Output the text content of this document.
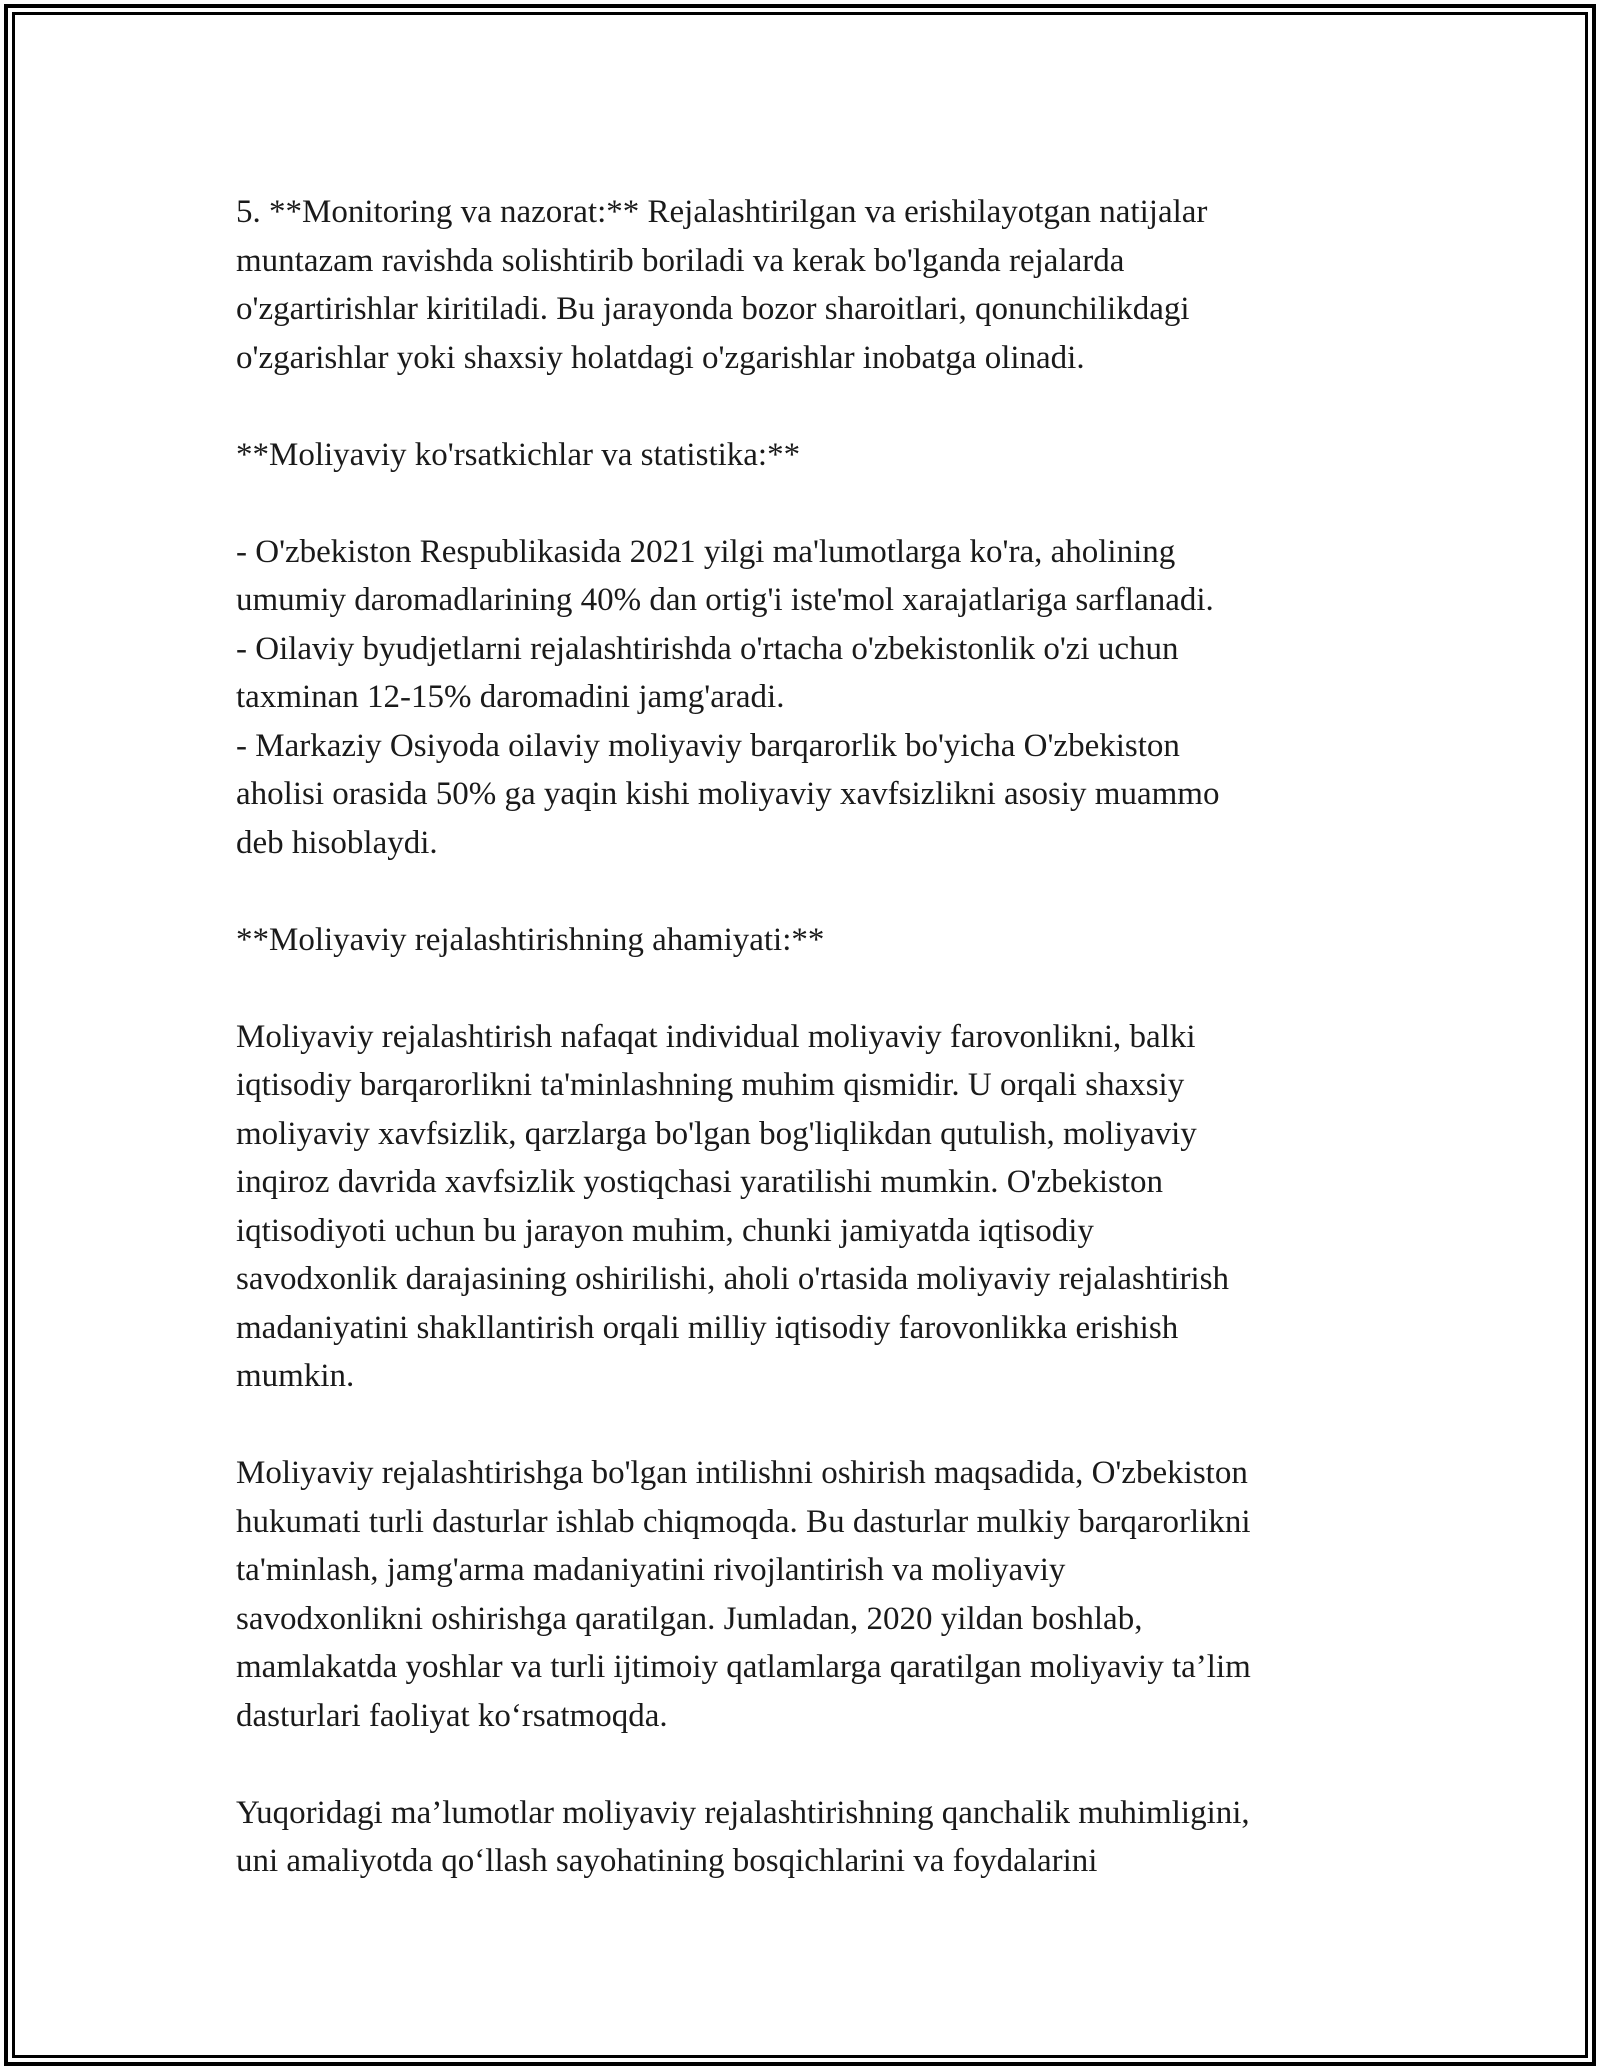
5. **Monitoring va nazorat:** Rejalashtirilgan va erishilayotgan natijalar
muntazam ravishda solishtirib boriladi va kerak bo'lganda rejalarda
o'zgartirishlar kiritiladi. Bu jarayonda bozor sharoitlari, qonunchilikdagi
o'zgarishlar yoki shaxsiy holatdagi o'zgarishlar inobatga olinadi.

**Moliyaviy ko'rsatkichlar va statistika:**

- O'zbekiston Respublikasida 2021 yilgi ma'lumotlarga ko'ra, aholining
umumiy daromadlarining 40% dan ortig'i iste'mol xarajatlariga sarflanadi.
- Oilaviy byudjetlarni rejalashtirishda o'rtacha o'zbekistonlik o'zi uchun
taxminan 12-15% daromadini jamg'aradi.
- Markaziy Osiyoda oilaviy moliyaviy barqarorlik bo'yicha O'zbekiston
aholisi orasida 50% ga yaqin kishi moliyaviy xavfsizlikni asosiy muammo
deb hisoblaydi.

**Moliyaviy rejalashtirishning ahamiyati:**

Moliyaviy rejalashtirish nafaqat individual moliyaviy farovonlikni, balki
iqtisodiy barqarorlikni ta'minlashning muhim qismidir. U orqali shaxsiy
moliyaviy xavfsizlik, qarzlarga bo'lgan bog'liqlikdan qutulish, moliyaviy
inqiroz davrida xavfsizlik yostiqchasi yaratilishi mumkin. O'zbekiston
iqtisodiyoti uchun bu jarayon muhim, chunki jamiyatda iqtisodiy
savodxonlik darajasining oshirilishi, aholi o'rtasida moliyaviy rejalashtirish
madaniyatini shakllantirish orqali milliy iqtisodiy farovonlikka erishish
mumkin.

Moliyaviy rejalashtirishga bo'lgan intilishni oshirish maqsadida, O'zbekiston
hukumati turli dasturlar ishlab chiqmoqda. Bu dasturlar mulkiy barqarorlikni
ta'minlash, jamg'arma madaniyatini rivojlantirish va moliyaviy
savodxonlikni oshirishga qaratilgan. Jumladan, 2020 yildan boshlab,
mamlakatda yoshlar va turli ijtimoiy qatlamlarga qaratilgan moliyaviy ta’lim
dasturlari faoliyat ko‘rsatmoqda.

Yuqoridagi ma’lumotlar moliyaviy rejalashtirishning qanchalik muhimligini,
uni amaliyotda qo‘llash sayohatining bosqichlarini va foydalarini
